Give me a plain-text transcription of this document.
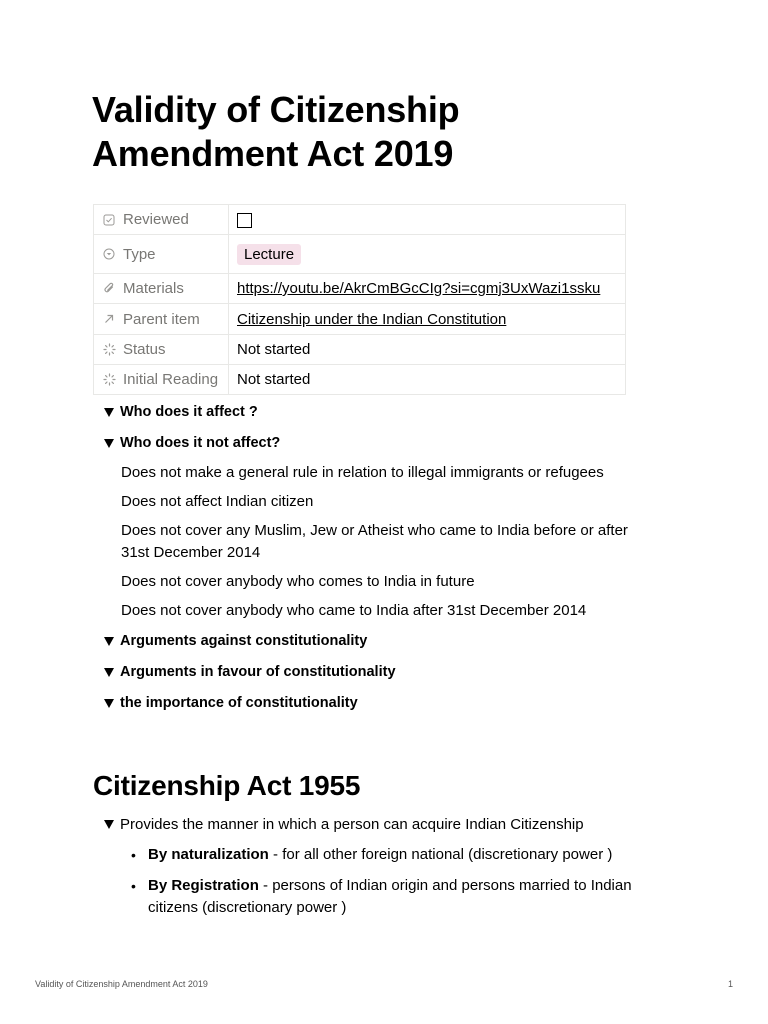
Validity of Citizenship Amendment Act 2019
Reviewed	

Type	Lecture

Materials	https://youtu.be/AkrCmBGcCIg?si=cgmj3UxWazi1ssku

Parent item	Citizenship under the Indian Constitution

Status	Not started

Initial Reading	Not started
Who does it affect ?
Who does it not affect?
Does not make a general rule in relation to illegal immigrants or refugees
Does not affect Indian citizen
Does not cover any Muslim, Jew or Atheist who came to India before or after 31st December 2014
Does not cover anybody who comes to India in future
Does not cover anybody who came to India after 31st December 2014
Arguments against constitutionality
Arguments in favour of constitutionality
the importance of constitutionality
Citizenship Act 1955
Provides the manner in which a person can acquire Indian Citizenship
• By naturalization - for all other foreign national (discretionary power )
• By Registration - persons of Indian origin and persons married to Indian citizens (discretionary power )
Validity of Citizenship Amendment Act 2019	1
